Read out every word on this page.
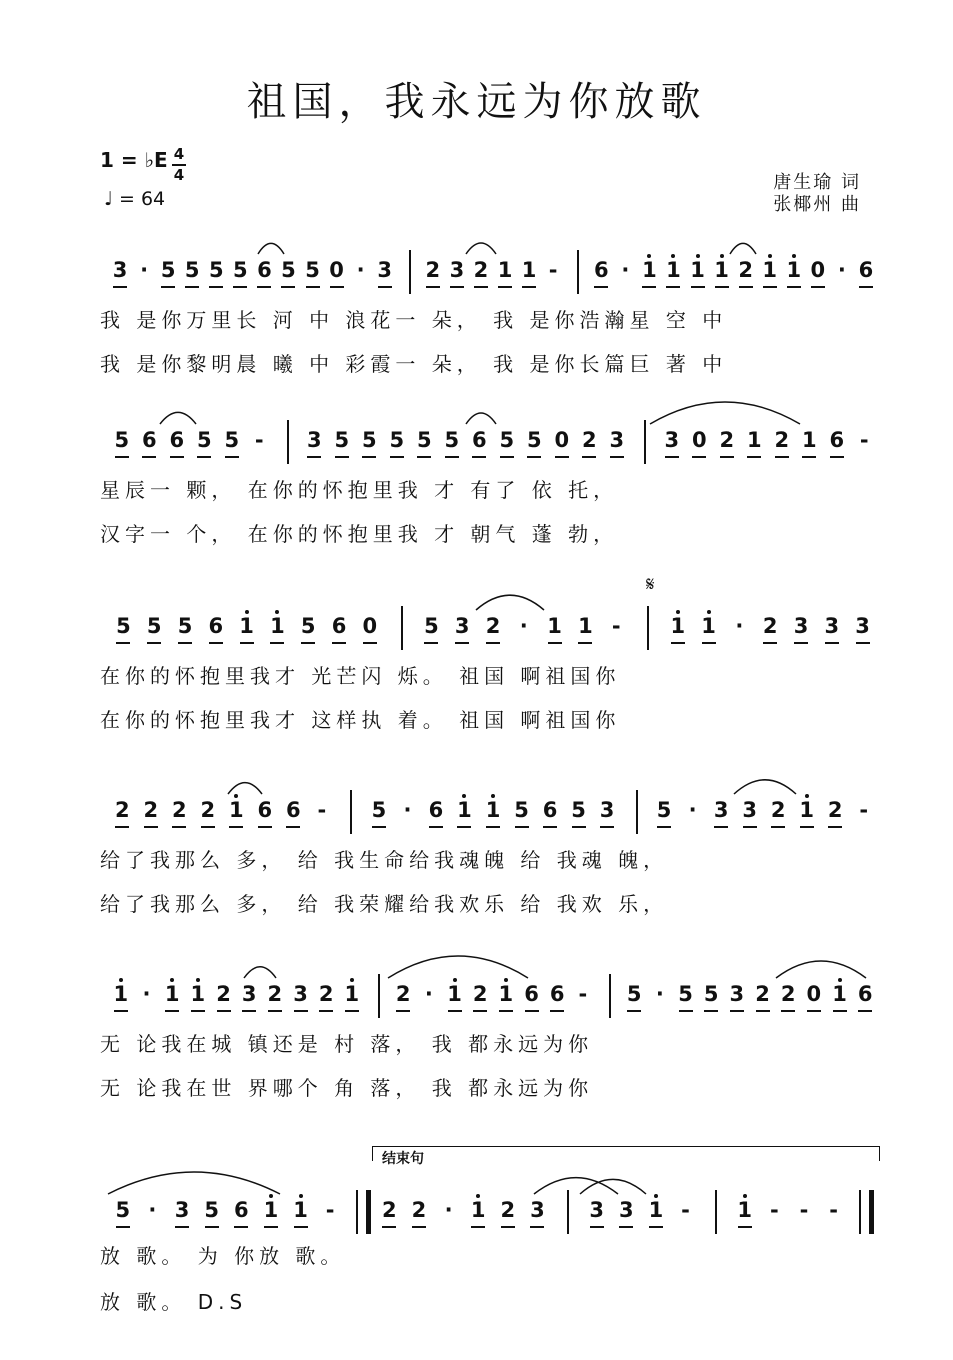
祖国，我永远为你放歌
1 = ♭E 4
4
♩ = 64
唐生瑜 词
张椰州 曲
3 · 5 5 5 5 6 5 5 0 · 3 2 3 2 1 1 - 6 · 1 1 1 1 2 1 1 0 · 6
我 是你万里长 河 中 浪花一 朵， 我 是你浩瀚星 空 中
我 是你黎明晨 曦 中 彩霞一 朵， 我 是你长篇巨 著 中
5 6 6 5 5 - 3 5 5 5 5 5 6 5 5 0 2 3 3 0 2 1 2 1 6 -
星辰一 颗， 在你的怀抱里我 才 有了 依 托，
汉字一 个， 在你的怀抱里我 才 朝气 蓬 勃，
𝄋
5 5 5 6 1 1 5 6 0 5 3 2 · 1 1 - 1 1 · 2 3 3 3
在你的怀抱里我才 光芒闪 烁。 祖国 啊祖国你
在你的怀抱里我才 这样执 着。 祖国 啊祖国你
2 2 2 2 1 6 6 - 5 · 6 1 1 5 6 5 3 5 · 3 3 2 1 2 -
给了我那么 多， 给 我生命给我魂魄 给 我魂 魄，
给了我那么 多， 给 我荣耀给我欢乐 给 我欢 乐，
1 · 1 1 2 3 2 3 2 1 2 · 1 2 1 6 6 - 5 · 5 5 3 2 2 0 1 6
无 论我在城 镇还是 村 落， 我 都永远为你
无 论我在世 界哪个 角 落， 我 都永远为你
结束句
5 · 3 5 6 1 1 - 2 2 · 1 2 3 3 3 1 - 1 - - -
放 歌。 为 你放 歌。
放 歌。 D.S
